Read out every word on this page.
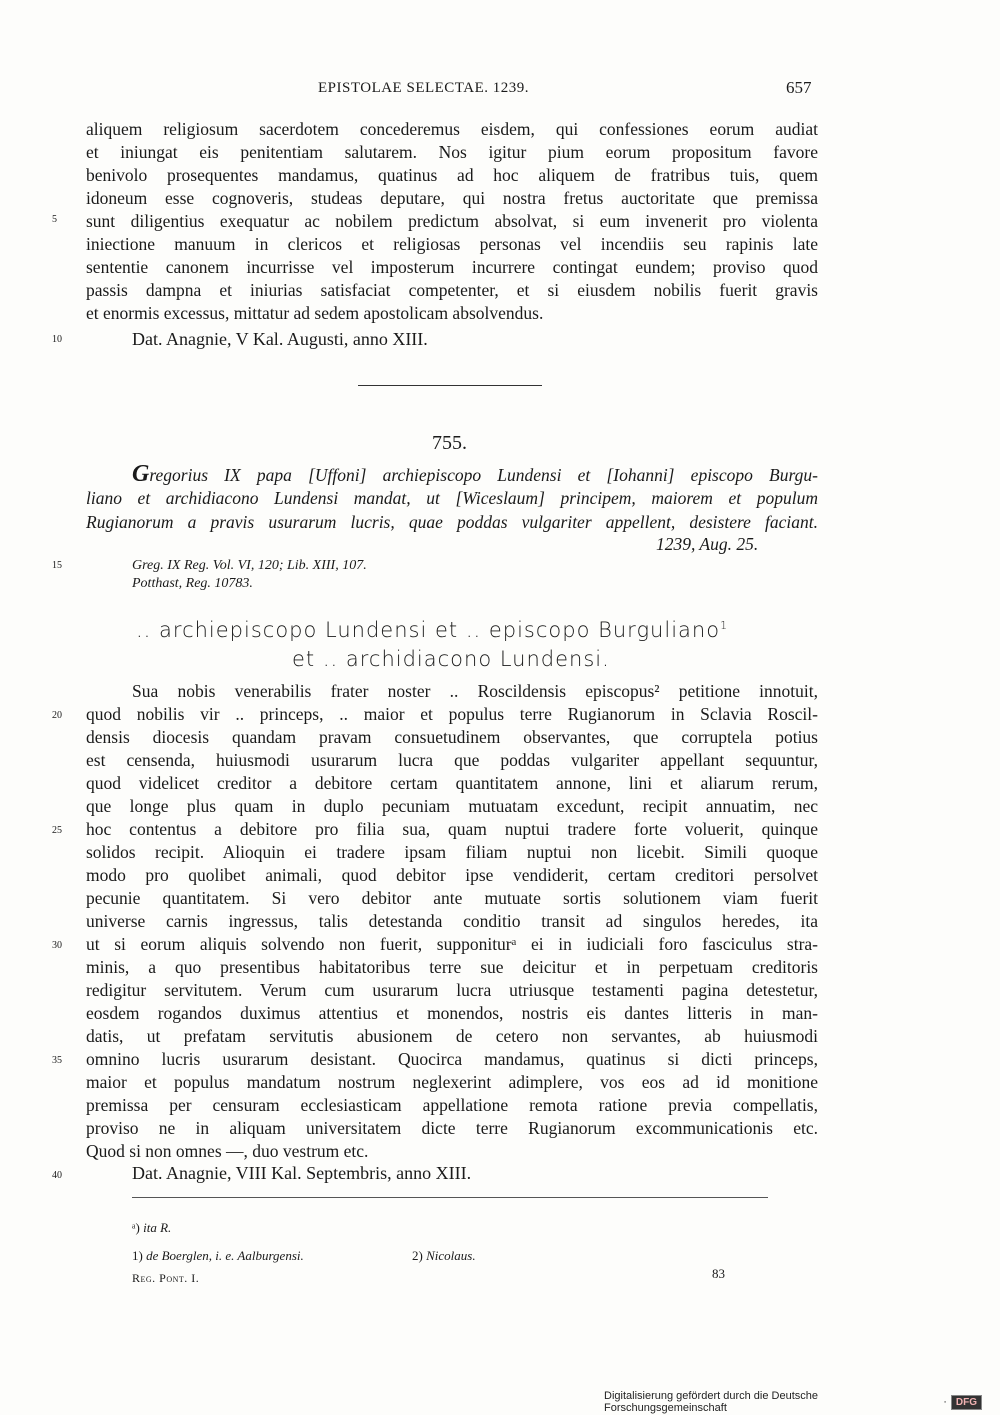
EPISTOLAE SELECTAE. 1239.	657
aliquem religiosum sacerdotem concederemus eisdem, qui confessiones eorum audiat
et iniungat eis penitentiam salutarem. Nos igitur pium eorum propositum favore
benivolo prosequentes mandamus, quatinus ad hoc aliquem de fratribus tuis, quem
idoneum esse cognoveris, studeas deputare, qui nostra fretus auctoritate que premissa
sunt diligentius exequatur ac nobilem predictum absolvat, si eum invenerit pro violenta
iniectione manuum in clericos et religiosas personas vel incendiis seu rapinis late
sententie canonem incurrisse vel imposterum incurrere contingat eundem; proviso quod
passis dampna et iniurias satisfaciat competenter, et si eiusdem nobilis fuerit gravis
et enormis excessus, mittatur ad sedem apostolicam absolvendus.
Dat. Anagnie, V Kal. Augusti, anno XIII.
755.
Gregorius IX papa [Uffoni] archiepiscopo Lundensi et [Iohanni] episcopo Burgu-
liano et archidiacono Lundensi mandat, ut [Wiceslaum] principem, maiorem et populum
Rugianorum a pravis usurarum lucris, quae poddas vulgariter appellent, desistere faciant.
1239, Aug. 25.
Greg. IX Reg. Vol. VI, 120; Lib. XIII, 107.
Potthast, Reg. 10783.
.. archiepiscopo Lundensi et .. episcopo Burguliano$^1$
et .. archidiacono Lundensi.
Sua nobis venerabilis frater noster .. Roscildensis episcopus² petitione innotuit,
quod nobilis vir .. princeps, .. maior et populus terre Rugianorum in Sclavia Roscil-
densis diocesis quandam pravam consuetudinem observantes, que corruptela potius
est censenda, huiusmodi usurarum lucra que poddas vulgariter appellant sequuntur,
quod videlicet creditor a debitore certam quantitatem annone, lini et aliarum rerum,
que longe plus quam in duplo pecuniam mutuatam excedunt, recipit annuatim, nec
hoc contentus a debitore pro filia sua, quam nuptui tradere forte voluerit, quinque
solidos recipit. Alioquin ei tradere ipsam filiam nuptui non licebit. Simili quoque
modo pro quolibet animali, quod debitor ipse vendiderit, certam creditori persolvet
pecunie quantitatem. Si vero debitor ante mutuate sortis solutionem viam fuerit
universe carnis ingressus, talis detestanda conditio transit ad singulos heredes, ita
ut si eorum aliquis solvendo non fuerit, supponiturᵃ ei in iudiciali foro fasciculus stra-
minis, a quo presentibus habitatoribus terre sue deicitur et in perpetuam creditoris
redigitur servitutem. Verum cum usurarum lucra utriusque testamenti pagina detestetur,
eosdem rogandos duximus attentius et monendos, nostris eis dantes litteris in man-
datis, ut prefatam servitutis abusionem de cetero non servantes, ab huiusmodi
omnino lucris usurarum desistant. Quocirca mandamus, quatinus si dicti princeps,
maior et populus mandatum nostrum neglexerint adimplere, vos eos ad id monitione
premissa per censuram ecclesiasticam appellatione remota ratione previa compellatis,
proviso ne in aliquam universitatem dicte terre Rugianorum excommunicationis etc.
Quod si non omnes —, duo vestrum etc.
Dat. Anagnie, VIII Kal. Septembris, anno XIII.
5
10
15
20
25
30
35
40
ᵃ) ita R.
1) de Boerglen, i. e. Aalburgensi.	2) Nicolaus.
Reg. Pont. I.	83
Digitalisierung gefördert durch die Deutsche Forschungsgemeinschaft	· DFG
